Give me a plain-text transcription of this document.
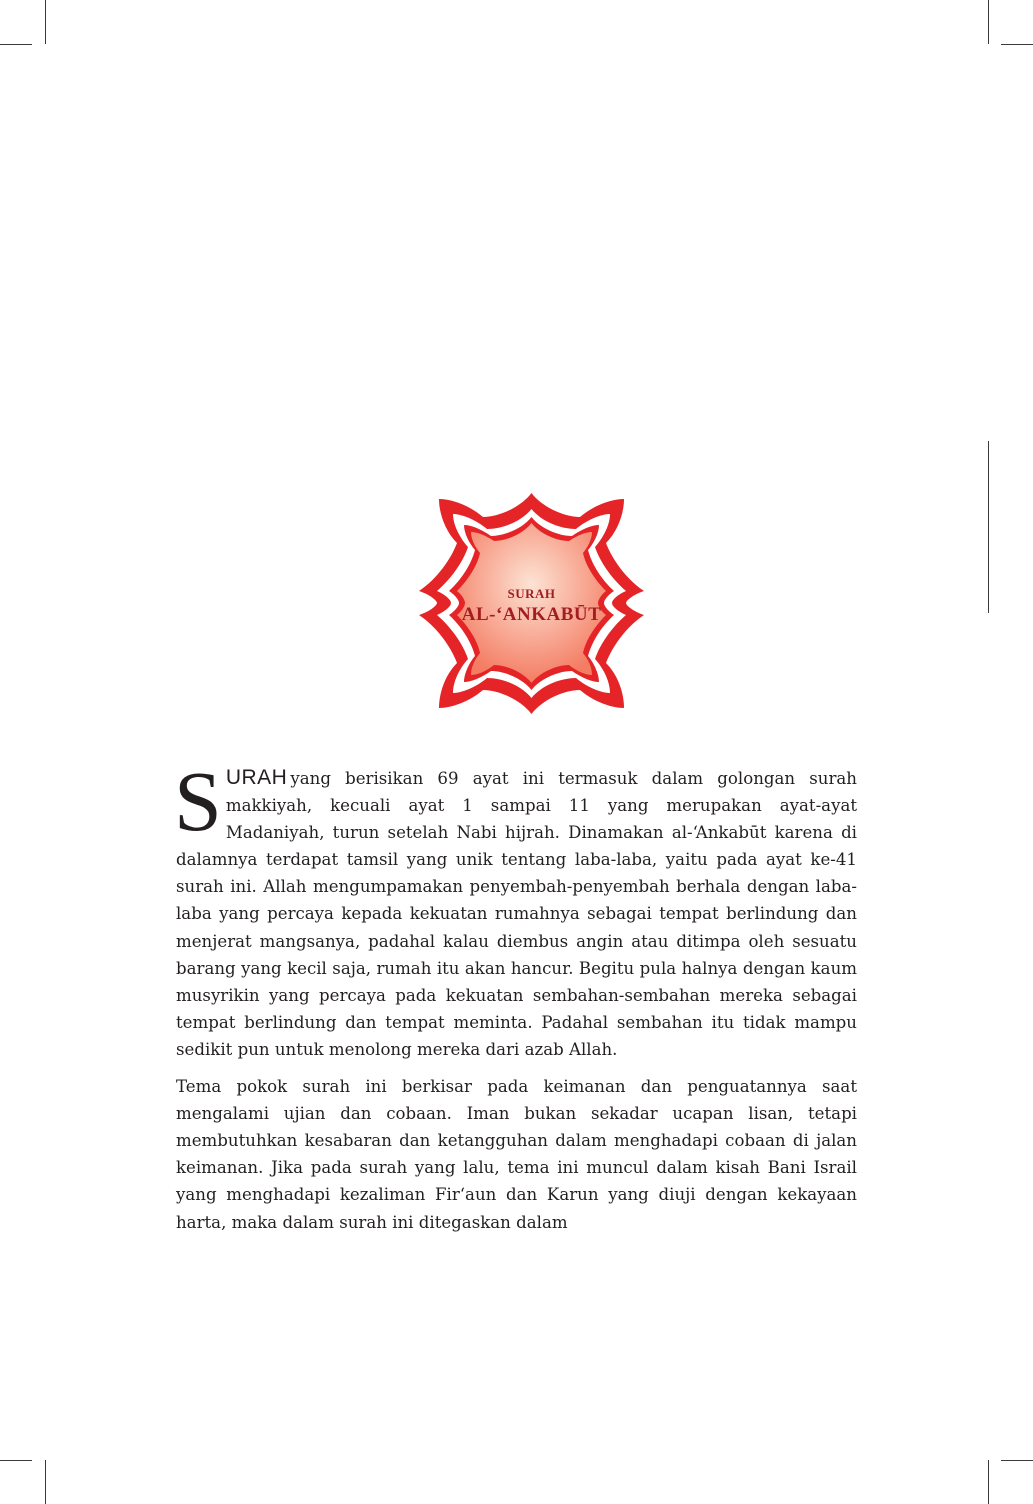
SURAH
AL-‘ANKABŪT

SURAH yang berisikan 69 ayat ini termasuk dalam golongan surah makkiyah, kecuali ayat 1 sampai 11 yang merupakan ayat-ayat Madaniyah, turun setelah Nabi hijrah. Dinamakan al-‘Ankabūt karena di dalamnya terdapat tamsil yang unik tentang laba-laba, yaitu pada ayat ke-41 surah ini. Allah mengumpamakan penyembah-penyembah berhala dengan laba-laba yang percaya kepada kekuatan rumahnya sebagai tempat berlindung dan menjerat mangsanya, padahal kalau diembus angin atau ditimpa oleh sesuatu barang yang kecil saja, rumah itu akan hancur. Begitu pula halnya dengan kaum musyrikin yang percaya pada kekuatan sembahan-sembahan mereka sebagai tempat berlindung dan tempat meminta. Padahal sembahan itu tidak mampu sedikit pun untuk menolong mereka dari azab Allah.

Tema pokok surah ini berkisar pada keimanan dan penguatannya saat mengalami ujian dan cobaan. Iman bukan sekadar ucapan lisan, tetapi membutuhkan kesabaran dan ketangguhan dalam menghadapi cobaan di jalan keimanan. Jika pada surah yang lalu, tema ini muncul dalam kisah Bani Israil yang menghadapi kezaliman Fir‘aun dan Karun yang diuji dengan kekayaan harta, maka dalam surah ini ditegaskan dalam
